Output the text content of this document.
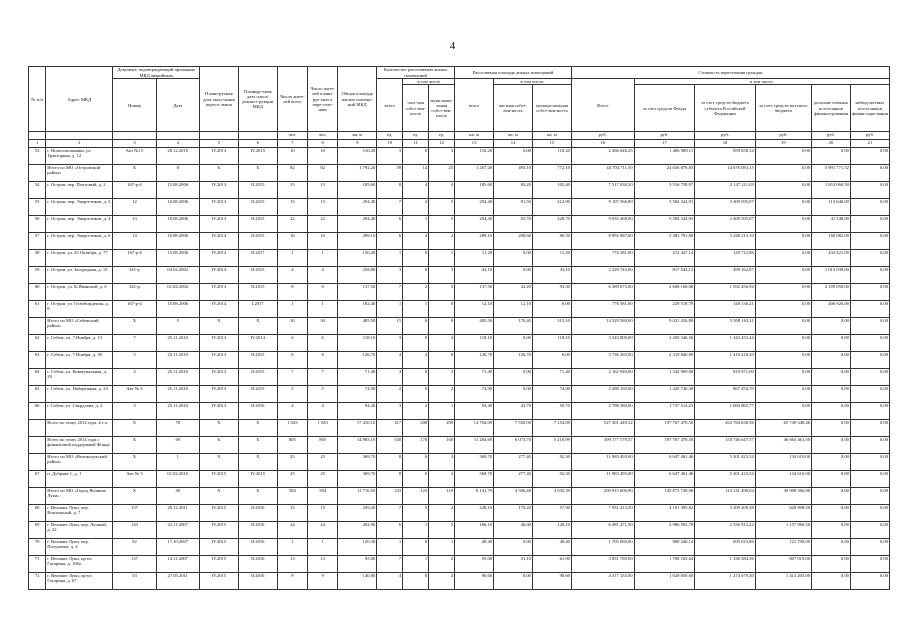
4
№ п/п	Адрес МКД	Документ, подтверждающий признание МКД аварийным		Плани-руемая дата окон-чания пересе-ления	Планиру-емая дата сноса/ реконст-рукции МКД	Число жите-лей всего	Число жите-лей плани-руе-мых к пере-селе-нию	Общая площадь жилых помеще-ний МКД	Количество расселяемых жилых помещений			Расселяемая площадь жилых помещений			Стоимость переселения граждан					
		Номер	Дата						всего	в том числе		всего	в том числе:		Всего	в том числе:				
										част-ная собст-вен-ность	муни-ципа-льная собст-вен-ность		частная собст-вен-ность	муници-пальная собст-вен-ность		за счет средств Фонда	за счет средств бюджета субъекта Российской Федерации	за счет средств местного бюджета	дополни-тельных источ-ников финанси-рования	небюд-жетных источ-ников финан-сиро-вания
						чел.	чел.	кв. м	ед.	ед.	ед.	кв. м	кв. м	кв. м	руб.	руб.	руб.	руб.	руб.	руб.
1	2	3	4	5	6	7	8	9	10	11	12	13	14	15	16	17	18	19	20	21
53	г. Новосокольники, ул. Тракторная, д. 12	Акт №15	28.12.2010	IV.2013	IV.2015	10	10	110,20	3	0	3	110,20	0,00	110,20	2 266 646,25	1 406 988,11	859 658,14	0,00	0,00	0,00
	Итого по МО «Островский район»	X	8	X	X	82	82	1 792,20	39	14	25	1 267,20	495,10	772,10	44 704 711,50	24 036 876,83	14 676 083,15	0,00	5 991 771,52	0,00
54	г. Остров, пер. Почтовый, д. 2	167-р-4	15.08.2006	IV.2013	II.2015	15	15	185,60	8	4	4	185,60	83,20	102,40	7 317 030,50	3 516 758,97	2 147 211,03	0,00	1 653 060,50	0,00
55	г. Остров, пер. Энергетиков, д. 2	12	10.08.2006	IV.2013	II.2015	15	15	294,40	7	2	5	294,40	81,50	212,90	9 107 566,00	5 584 324,91	3 409 595,07	0,00	113 646,00	0,00
56	г. Остров, пер. Энергетиков, д. 4	13	10.08.2006	IV.2013	II.2015	22	22	294,40	6	1	5	294,40	65,70	228,70	9 035 468,00	5 584 324,93	3 409 595,07	0,00	41 548,00	0,00
57	г. Остров, пер. Энергетиков, д. 6	14	10.08.2006	IV.2014	II.2015	16	16	289,10	6	4	2	289,10	208,60	80,50	8 992 087,00	5 483 791,90	3 348 213,10	0,00	160 082,00	0,00
58	г. Остров, ул. 25 Октября, д. 77	167-р-4	15.08.2006	IV.2014	II.2017	1	1	150,20	1	0	1	11,20	0,00	11,20	776 581,00	212 447,14	129 712,86	0,00	434 421,00	0,00
59	г. Остров, ул. Загородная, д. 13	341-р	04.04.2002	IV.2014	II.2015	4	4	258,80	3	0	3	43,10	0,00	43,10	2 329 743,00	817 542,13	499 162,87	0,00	1 013 038,00	0,00
60	г. Остров, ул. К.Ивановой, д. 6	341-р	01.04.2002	IV.2013	II.2015	8	8	137,50	7	2	5	137,50	44,20	93,30	6 389 675,00	2 608 168,06	1 592 456,94	0,00	2 189 050,00	0,00
61	г. Остров, ул. Освобождения, д. 8	167-р-4	15.08.2006	IV.2014	I.2017	1	1	182,40	1	1	0	12,10	12,10	0,00	776 581,00	229 518,79	140 136,21	0,00	406 926,00	0,00
	Итого по МО «Себежский район»	X	5	X	X	30	30	485,50	15	6	9	485,50	170,40	315,10	14 529 580,00	9 021 416,89	5 508 163,11	0,00	0,00	0,00
62	г. Себеж, ул. 7 Ноября, д. 13	7	25.11.2010	IV.2013	IV.2014	6	6	118,10	3	0	3	118,10	0,00	118,10	3 543 800,00	2 200 346,56	1 343 453,44	0,00	0,00	0,00
63	г. Себеж, ул. 7 Ноября, д. 30	5	25.11.2010	IV.2013	II.2015	8	8	126,70	4	4	0	126,70	126,70	0,00	3 736 265,00	2 319 846,80	1 416 418,20	0,00	0,00	0,00
64	г. Себеж, ул. Коммунальная, д. 29	4	25.11.2010	IV.2013	II.2015	7	7	71,40	3	0	3	71,40	0,00	71,40	2 162 940,00	1 342 969,00	819 971,00	0,00	0,00	0,00
65	г. Себеж, ул. Набережная, д. 23	Акт № 6	25.11.2010	IV.2013	II.2015	5	5	74,90	2	0	2	74,90	0,00	74,90	2 288 195,00	1 420 740,30	867 454,70	0,00	0,00	0,00
66	г. Себеж, ул. Свердлова, д. 2	3	25.11.2010	IV.2013	II.2016	4	4	94,40	3	2	1	94,40	43,70	50,70	2 798 380,00	1 737 514,23	1 060 865,77	0,00	0,00	0,00
	Всего по этапу 2014 года, в т.ч.	X	78	X	X	1 043	1 043	17 410,10	417	208	209	14 704,09	7 550,00	7 154,09	527 301 449,32	197 767 470,50	263 784 630,36	65 749 348,46	0,00	0,00
	Всего по этапу 2014 года с финансовой поддержкой Фонда	X	69	X	X	805	805	14 905,10	330	170	160	11 284,69	6 073,70	5 210,99	399 177 579,57	197 767 470,50	154 746 647,57	46 663 461,50	0,00	0,00
	Итого по МО «Великолукский район»	X	1	X	X	25	25	369,70	8	6	2	369,70	277,40	92,30	11 983 495,00	6 647 461,46	5 201 423,54	134 610,00	0,00	0,00
67	п. Дубрава-1, д. 1	Акт № 5	01.02.2010	IV.2015	IV.2015	25	25	369,70	8	6	2	369,70	277,40	92,30	11 983 495,00	6 647 461,46	5 201 423,54	134 610,00	0,00	0,00
	Итого по МО «Город Великие Луки»	X	49	X	X	584	584	11 716,50	233	123	110	8 141,79	4 506,40	3 635,39	290 915 606,90	145 873 749,96	114 141 490,04	30 900 366,90	0,00	0,00
68	г. Великие Луки, пер. Вокзальный, д. 7	157	29.12.2011	IV.2015	II.2016	15	15	259,20	7	5	2	228,10	170,20	57,90	7 931 413,50	4 101 395,62	3 209 209,38	620 808,50	0,00	0,00
69	г. Великие Луки, пер. Лучный, д. 22	143	22.11.2007	IV.2015	II.2016	24	24	202,90	6	1	5	166,10	46,00	120,10	6 481 471,50	2 986 592,78	2 336 912,22	1 157 966,50	0,00	0,00
70	г. Великие Луки, пер. Полунчева, д. 4	92	17.10.2007	IV.2015	II.2016	1	1	120,30	1	0	1	49,40	0,00	49,40	1 705 060,00	888 246,14	695 023,86	121 790,00	0,00	0,00
71	г. Великие Луки, пр-кт. Гагарина, д. 106а	137	14.11.2007	IV.2015	II.2016	13	13	95,00	7	1	2	95,00	31,10	61,90	3 851 769,00	1 708 165,64	1 336 584,36	807 019,00	0,00	0,00
72	г. Великие Луки, пр-кт. Гагарина, д. 67	53	27.05.2011	IV.2015	II.2016	9	9	140,80	4	0	4	90,60	0,00	90,60	4 317 135,00	1 629 050,60	1 274 679,40	1 413 405,00	0,00	0,00
